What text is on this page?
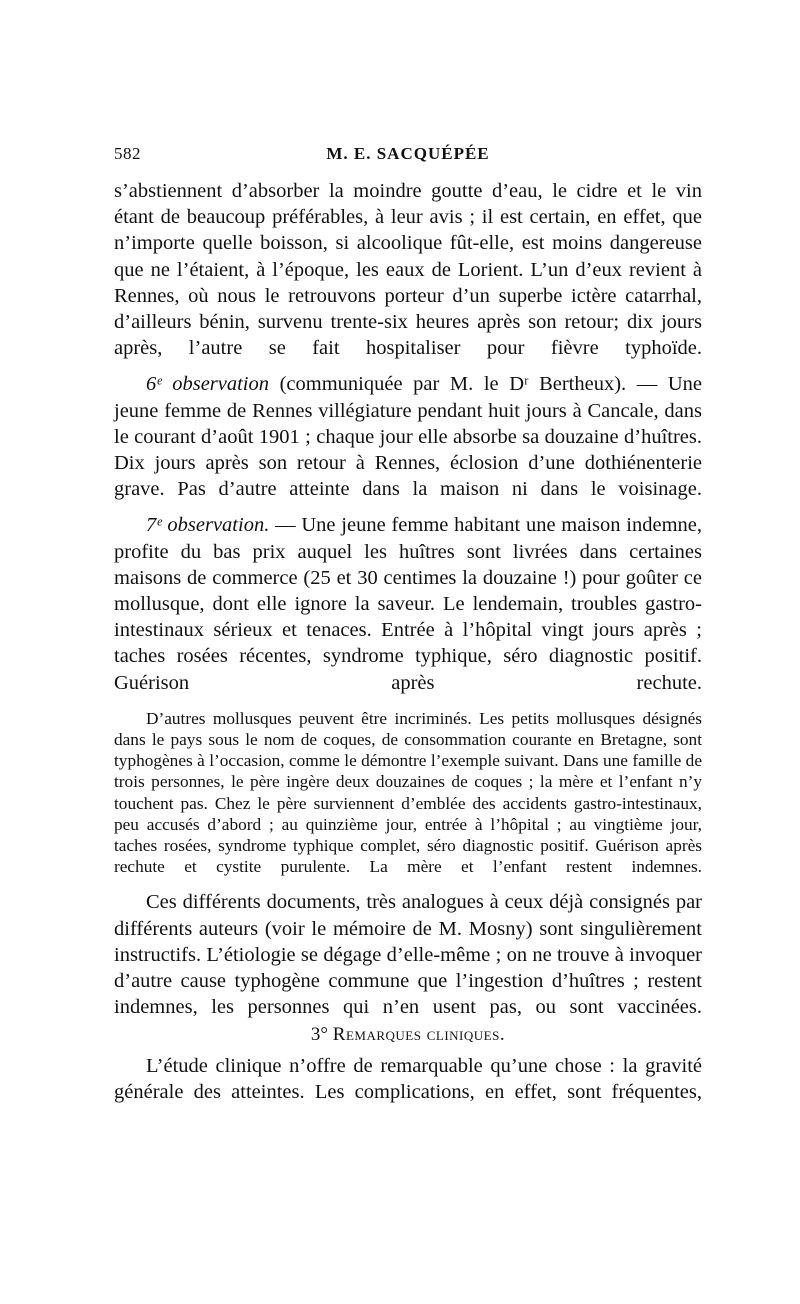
582	M. E. SACQUÉPÉE

s’abstiennent d’absorber la moindre goutte d’eau, le cidre et le vin étant de beaucoup préférables, à leur avis ; il est certain, en effet, que n’importe quelle boisson, si alcoolique fût-elle, est moins dangereuse que ne l’étaient, à l’époque, les eaux de Lorient. L’un d’eux revient à Rennes, où nous le retrouvons porteur d’un superbe ictère catarrhal, d’ailleurs bénin, survenu trente-six heures après son retour; dix jours après, l’autre se fait hospitaliser pour fièvre typhoïde.

6ᵉ observation (communiquée par M. le Dʳ Bertheux). — Une jeune femme de Rennes villégiature pendant huit jours à Cancale, dans le courant d’août 1901 ; chaque jour elle absorbe sa douzaine d’huîtres. Dix jours après son retour à Rennes, éclosion d’une dothiénenterie grave. Pas d’autre atteinte dans la maison ni dans le voisinage.

7ᵉ observation. — Une jeune femme habitant une maison indemne, profite du bas prix auquel les huîtres sont livrées dans certaines maisons de commerce (25 et 30 centimes la douzaine !) pour goûter ce mollusque, dont elle ignore la saveur. Le lendemain, troubles gastro-intestinaux sérieux et tenaces. Entrée à l’hôpital vingt jours après ; taches rosées récentes, syndrome typhique, séro diagnostic positif. Guérison après rechute.

D’autres mollusques peuvent être incriminés. Les petits mollusques désignés dans le pays sous le nom de coques, de consommation courante en Bretagne, sont typhogènes à l’occasion, comme le démontre l’exemple suivant. Dans une famille de trois personnes, le père ingère deux douzaines de coques ; la mère et l’enfant n’y touchent pas. Chez le père surviennent d’emblée des accidents gastro-intestinaux, peu accusés d’abord ; au quinzième jour, entrée à l’hôpital ; au vingtième jour, taches rosées, syndrome typhique complet, séro diagnostic positif. Guérison après rechute et cystite purulente. La mère et l’enfant restent indemnes.

Ces différents documents, très analogues à ceux déjà consignés par différents auteurs (voir le mémoire de M. Mosny) sont singulièrement instructifs. L’étiologie se dégage d’elle-même ; on ne trouve à invoquer d’autre cause typhogène commune que l’ingestion d’huîtres ; restent indemnes, les personnes qui n’en usent pas, ou sont vaccinées.

3° Remarques cliniques.

L’étude clinique n’offre de remarquable qu’une chose : la gravité générale des atteintes. Les complications, en effet, sont fréquentes,
